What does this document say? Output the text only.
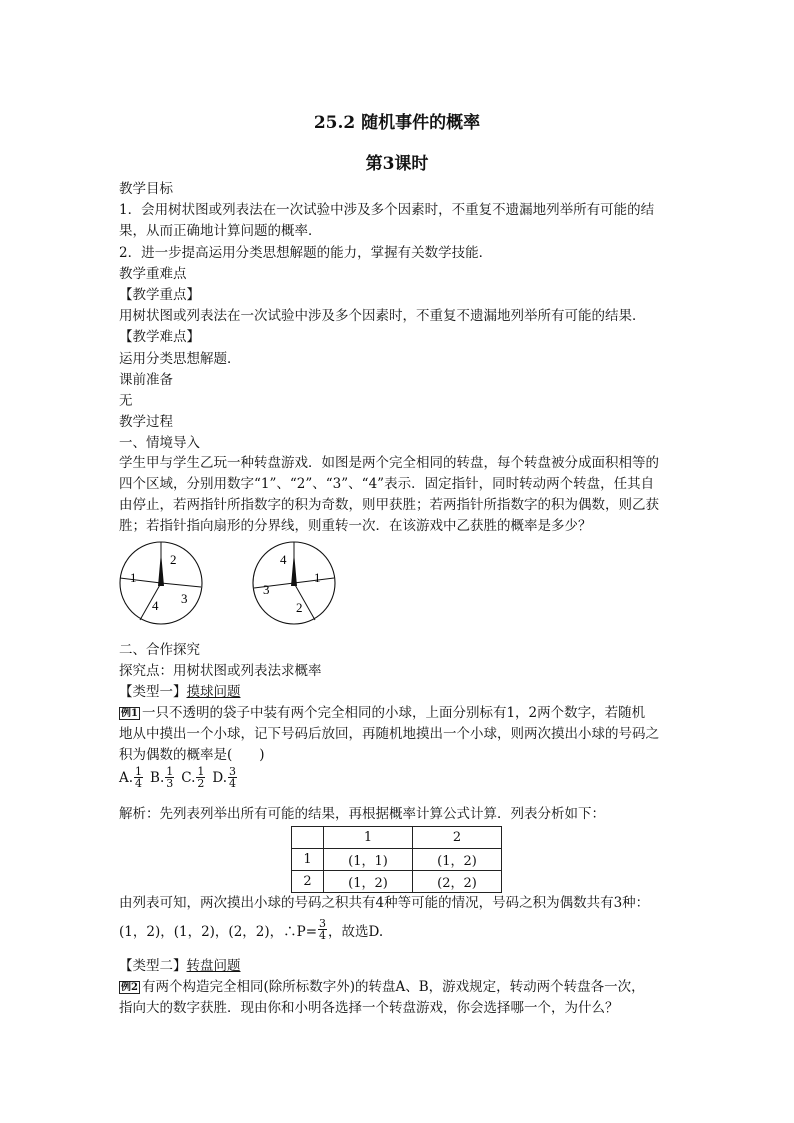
25.2 随机事件的概率
第3课时
教学目标
1．会用树状图或列表法在一次试验中涉及多个因素时，不重复不遗漏地列举所有可能的结
果，从而正确地计算问题的概率．
2．进一步提高运用分类思想解题的能力，掌握有关数学技能．
教学重难点
【教学重点】
用树状图或列表法在一次试验中涉及多个因素时，不重复不遗漏地列举所有可能的结果．
【教学难点】
运用分类思想解题．
课前准备
无
教学过程
一、情境导入
学生甲与学生乙玩一种转盘游戏．如图是两个完全相同的转盘，每个转盘被分成面积相等的
四个区域，分别用数字“1”、“2”、“3”、“4”表示．固定指针，同时转动两个转盘，任其自
由停止，若两指针所指数字的积为奇数，则甲获胜；若两指针所指数字的积为偶数，则乙获
胜；若指针指向扇形的分界线，则重转一次．在该游戏中乙获胜的概率是多少？
2
3
4
1
4
1
2
3
二、合作探究
探究点：用树状图或列表法求概率
【类型一】摸球问题
例1 一只不透明的袋子中装有两个完全相同的小球，上面分别标有1，2两个数字，若随机
地从中摸出一个小球，记下号码后放回，再随机地摸出一个小球，则两次摸出小球的号码之
积为偶数的概率是(　　)
A. $\frac{1}{4} B$. $\frac{1}{3} C$. $\frac{1}{2} D$. $\frac{3}{4}$
解析：先列表列举出所有可能的结果，再根据概率计算公式计算．列表分析如下：
	1	2
1	(1，1)	(1，2)
2	(1，2)	(2，2)
由列表可知，两次摸出小球的号码之积共有4种等可能的情况，号码之积为偶数共有3种：
(1，2)，(1，2)，(2，2)，∴P= $\frac{3}{4}$ ，故选D.
【类型二】转盘问题
例2 有两个构造完全相同(除所标数字外)的转盘A、B，游戏规定，转动两个转盘各一次，
指向大的数字获胜．现由你和小明各选择一个转盘游戏，你会选择哪一个，为什么？
